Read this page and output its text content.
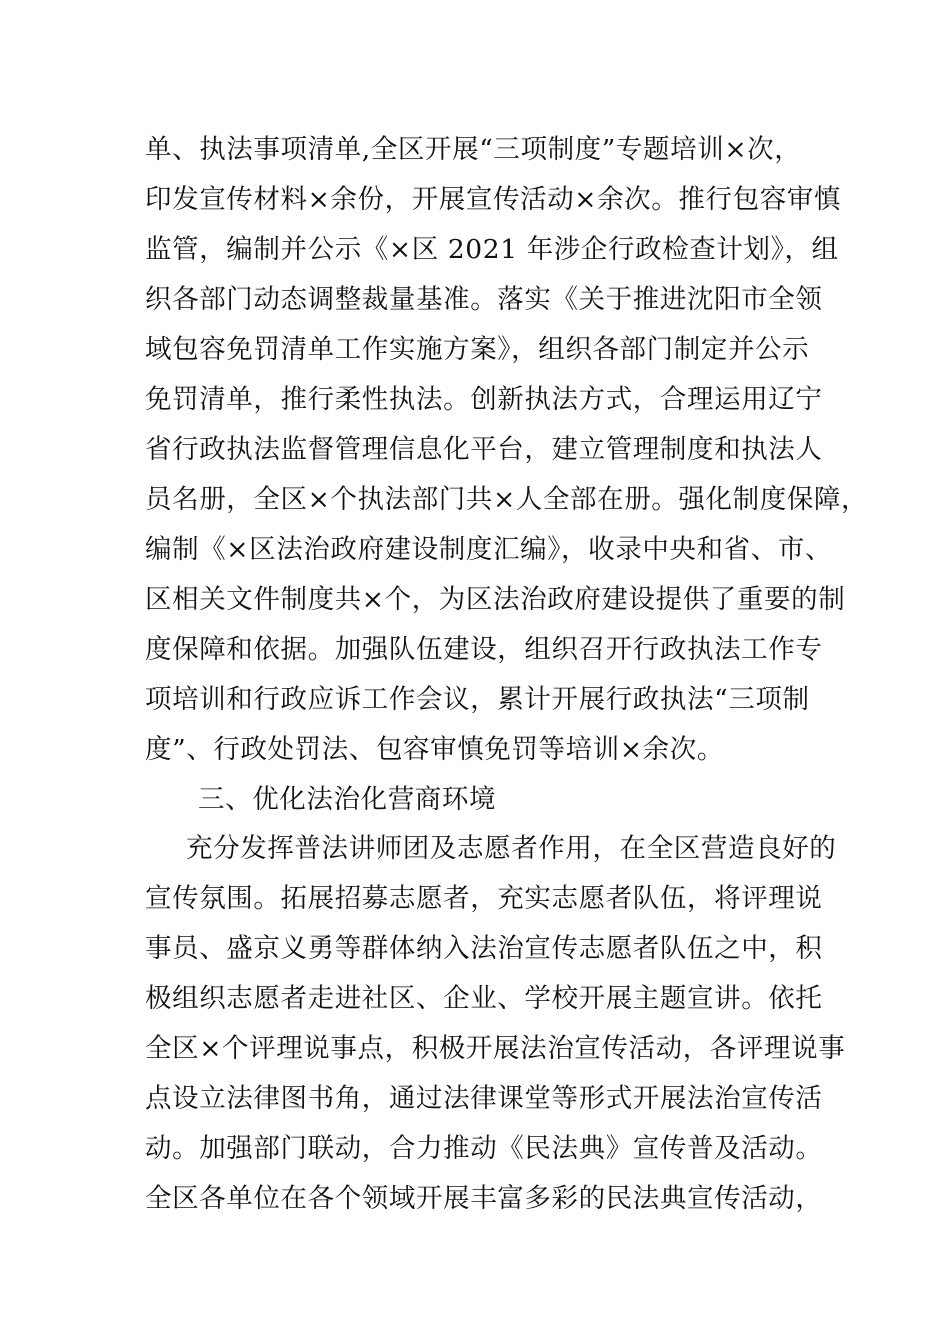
单、执法事项清单,全区开展“三项制度”专题培训×次，
印发宣传材料×余份，开展宣传活动×余次。推行包容审慎
监管，编制并公示《×区 2021 年涉企行政检查计划》，组
织各部门动态调整裁量基准。落实《关于推进沈阳市全领
域包容免罚清单工作实施方案》，组织各部门制定并公示
免罚清单，推行柔性执法。创新执法方式，合理运用辽宁
省行政执法监督管理信息化平台，建立管理制度和执法人
员名册，全区×个执法部门共×人全部在册。强化制度保障，
编制《×区法治政府建设制度汇编》，收录中央和省、市、
区相关文件制度共×个，为区法治政府建设提供了重要的制
度保障和依据。加强队伍建设，组织召开行政执法工作专
项培训和行政应诉工作会议，累计开展行政执法“三项制
度”、行政处罚法、包容审慎免罚等培训×余次。
三、优化法治化营商环境
充分发挥普法讲师团及志愿者作用，在全区营造良好的
宣传氛围。拓展招募志愿者，充实志愿者队伍，将评理说
事员、盛京义勇等群体纳入法治宣传志愿者队伍之中，积
极组织志愿者走进社区、企业、学校开展主题宣讲。依托
全区×个评理说事点，积极开展法治宣传活动，各评理说事
点设立法律图书角，通过法律课堂等形式开展法治宣传活
动。加强部门联动，合力推动《民法典》宣传普及活动。
全区各单位在各个领域开展丰富多彩的民法典宣传活动，
